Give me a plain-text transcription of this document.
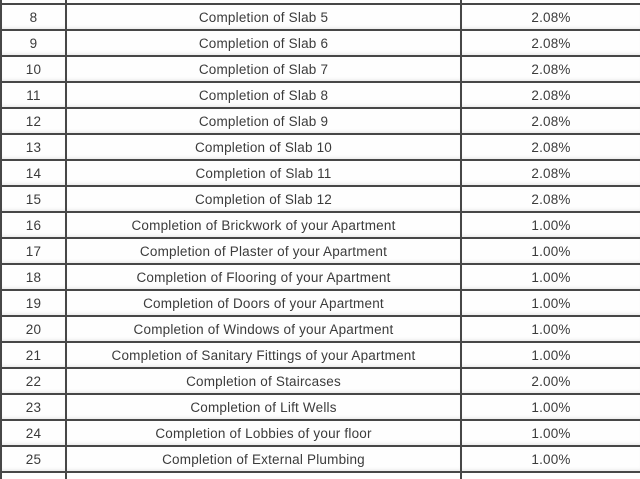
8	Completion of Slab 5	2.08%
9	Completion of Slab 6	2.08%
10	Completion of Slab 7	2.08%
11	Completion of Slab 8	2.08%
12	Completion of Slab 9	2.08%
13	Completion of Slab 10	2.08%
14	Completion of Slab 11	2.08%
15	Completion of Slab 12	2.08%
16	Completion of Brickwork of your Apartment	1.00%
17	Completion of Plaster of your Apartment	1.00%
18	Completion of Flooring of your Apartment	1.00%
19	Completion of Doors of your Apartment	1.00%
20	Completion of Windows of your Apartment	1.00%
21	Completion of Sanitary Fittings of your Apartment	1.00%
22	Completion of Staircases	2.00%
23	Completion of Lift Wells	1.00%
24	Completion of Lobbies of your floor	1.00%
25	Completion of External Plumbing	1.00%
